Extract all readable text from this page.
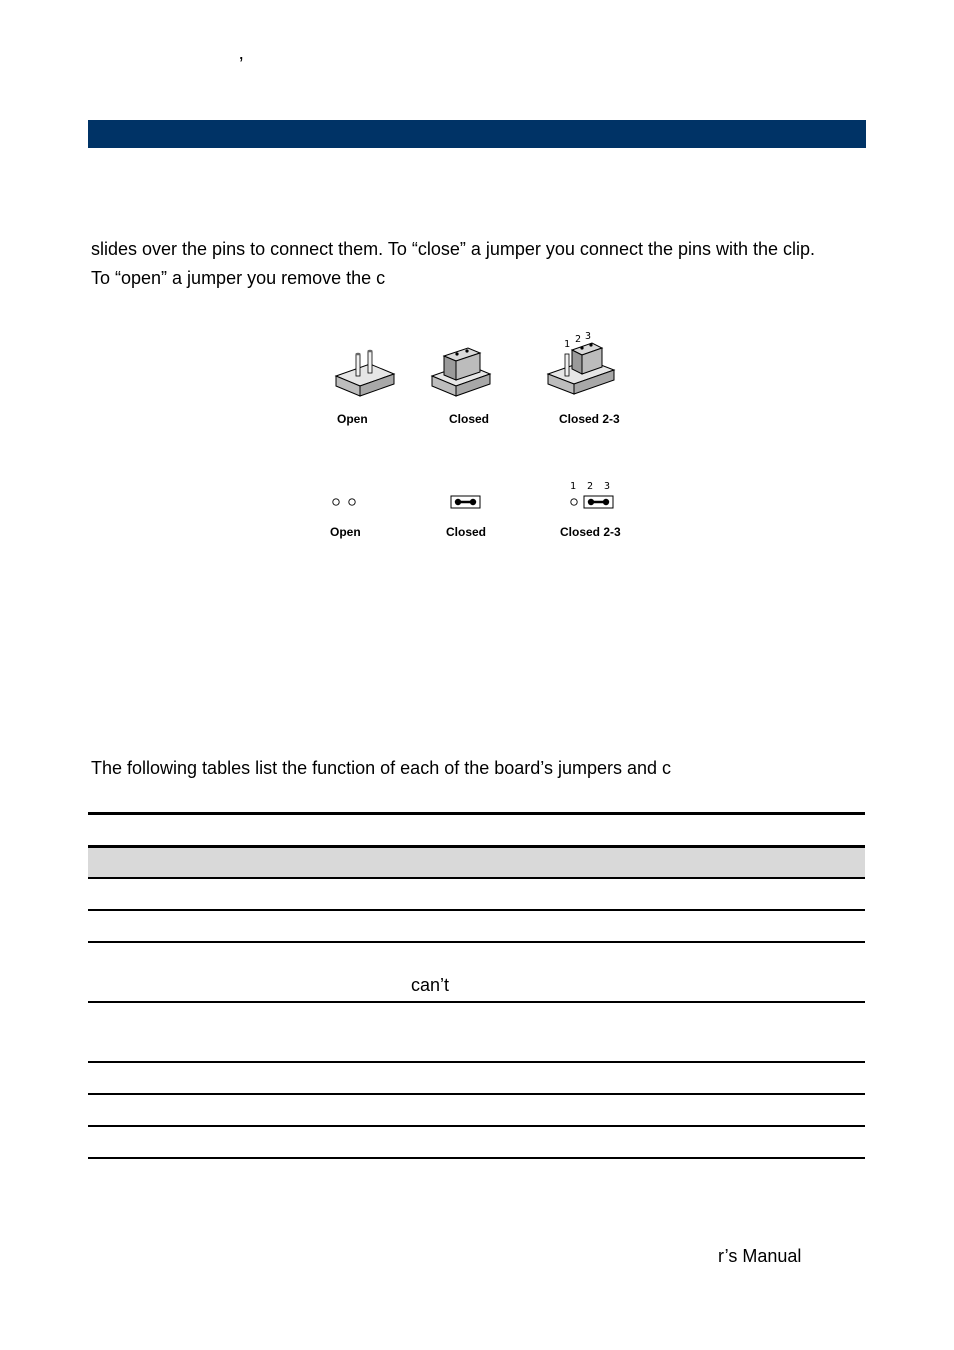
’
slides over the pins to connect them. To “close” a jumper you connect the pins with the clip.
To “open” a jumper you remove the c
1 2 3
Open	Closed	Closed 2-3
1 2 3
Open	Closed	Closed 2-3
The following tables list the function of each of the board’s jumpers and c
can’t
r’s Manual
